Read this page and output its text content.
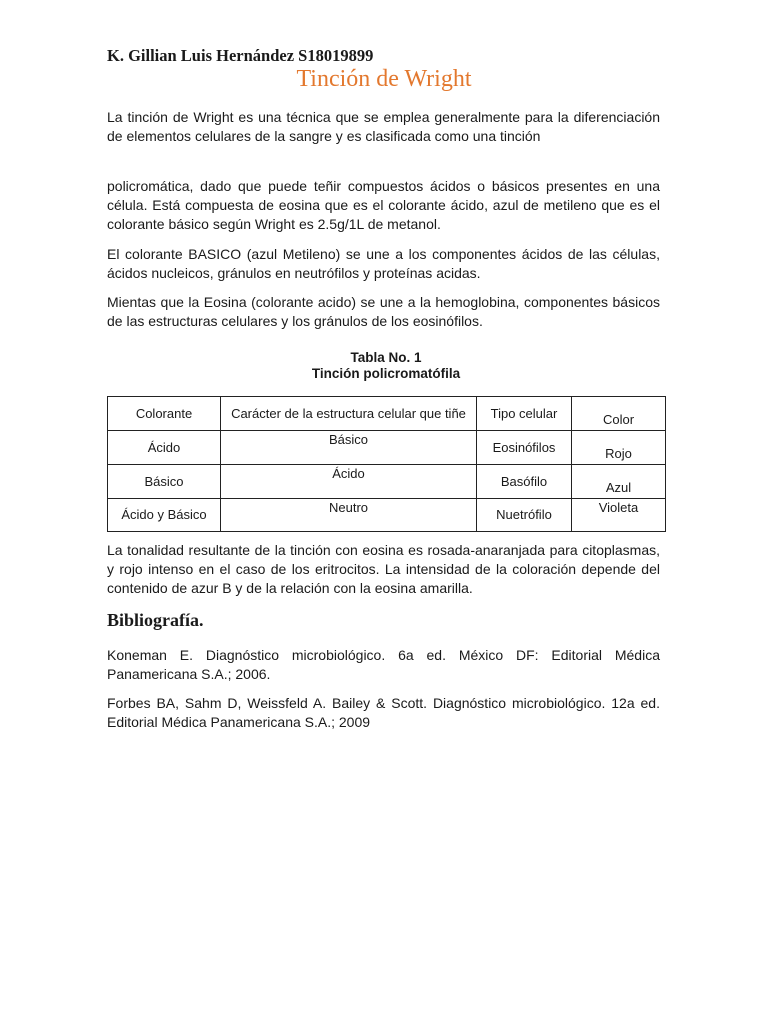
K. Gillian Luis Hernández S18019899
Tinción de Wright

La tinción de Wright es una técnica que se emplea generalmente para la diferenciación de elementos celulares de la sangre y es clasificada como una tinción

policromática, dado que puede teñir compuestos ácidos o básicos presentes en una célula. Está compuesta de eosina que es el colorante ácido, azul de metileno que es el colorante básico según Wright es 2.5g/1L de metanol.

El colorante BASICO (azul Metileno) se une a los componentes ácidos de las células, ácidos nucleicos, gránulos en neutrófilos y proteínas acidas.

Mientas que la Eosina (colorante acido) se une a la hemoglobina, componentes básicos de las estructuras celulares y los gránulos de los eosinófilos.

Tabla No. 1
Tinción policromatófila
Colorante	Carácter de la estructura celular que tiñe	Tipo celular	Color
Ácido	Básico	Eosinófilos	Rojo
Básico	Ácido	Basófilo	Azul
Ácido y Básico	Neutro	Nuetrófilo	Violeta

La tonalidad resultante de la tinción con eosina es rosada-anaranjada para citoplasmas, y rojo intenso en el caso de los eritrocitos. La intensidad de la coloración depende del contenido de azur B y de la relación con la eosina amarilla.

Bibliografía.

Koneman E. Diagnóstico microbiológico. 6a ed. México DF: Editorial Médica Panamericana S.A.; 2006.

Forbes BA, Sahm D, Weissfeld A. Bailey & Scott. Diagnóstico microbiológico. 12a ed. Editorial Médica Panamericana S.A.; 2009
